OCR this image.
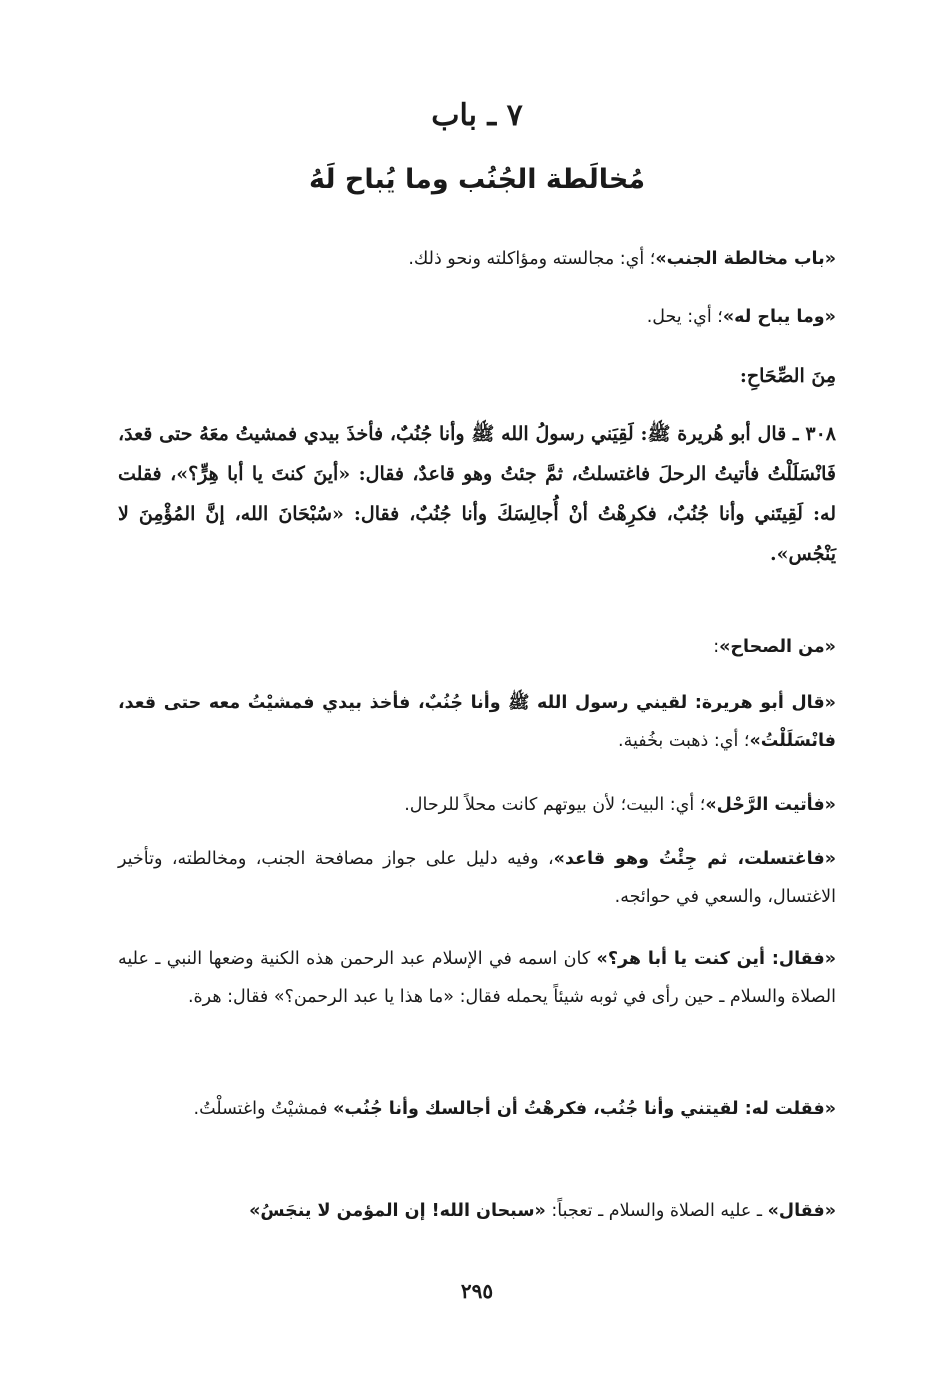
٧ ـ باب
مُخالَطة الجُنُب وما يُباح لَهُ

«باب مخالطة الجنب»؛ أي: مجالسته ومؤاكلته ونحو ذلك.

«وما يباح له»؛ أي: يحل.

مِنَ الصِّحَاحِ:

٣٠٨ ـ قال أبو هُريرة ﷺ: لَقِيَني رسولُ الله ﷺ وأنا جُنُبٌ، فأخذَ بيدي فمشيتُ معَهُ حتى قعدَ، فَانْسَلَلْتُ فأتيتُ الرحلَ فاغتسلتُ، ثمَّ جئتُ وهو قاعدٌ، فقال: «أينَ كنتَ يا أبا هِرٍّ؟»، فقلت له: لَقِيتَني وأنا جُنُبٌ، فكرِهْتُ أنْ أُجالِسَكَ وأنا جُنُبٌ، فقال: «سُبْحَانَ الله، إنَّ المُؤْمِنَ لا يَنْجُس».

«من الصحاح»:

«قال أبو هريرة: لقيني رسول الله ﷺ وأنا جُنُبٌ، فأخذ بيدي فمشيْتُ معه حتى قعد، فانْسَلَلْتُ»؛ أي: ذهبت بخُفية.

«فأتيت الرَّحْل»؛ أي: البيت؛ لأن بيوتهم كانت محلاً للرحال.

«فاغتسلت، ثم جِئْتُ وهو قاعد»، وفيه دليل على جواز مصافحة الجنب، ومخالطته، وتأخير الاغتسال، والسعي في حوائجه.

«فقال: أين كنت يا أبا هر؟» كان اسمه في الإسلام عبد الرحمن هذه الكنية وضعها النبي ـ عليه الصلاة والسلام ـ حين رأى في ثوبه شيئاً يحمله فقال: «ما هذا يا عبد الرحمن؟» فقال: هرة.

«فقلت له: لقيتني وأنا جُنُب، فكرهْتُ أن أجالسك وأنا جُنُب» فمشيْتُ واغتسلْتُ.

«فقال» ـ عليه الصلاة والسلام ـ تعجباً: «سبحان الله! إن المؤمن لا ينجَسُ»

٢٩٥
